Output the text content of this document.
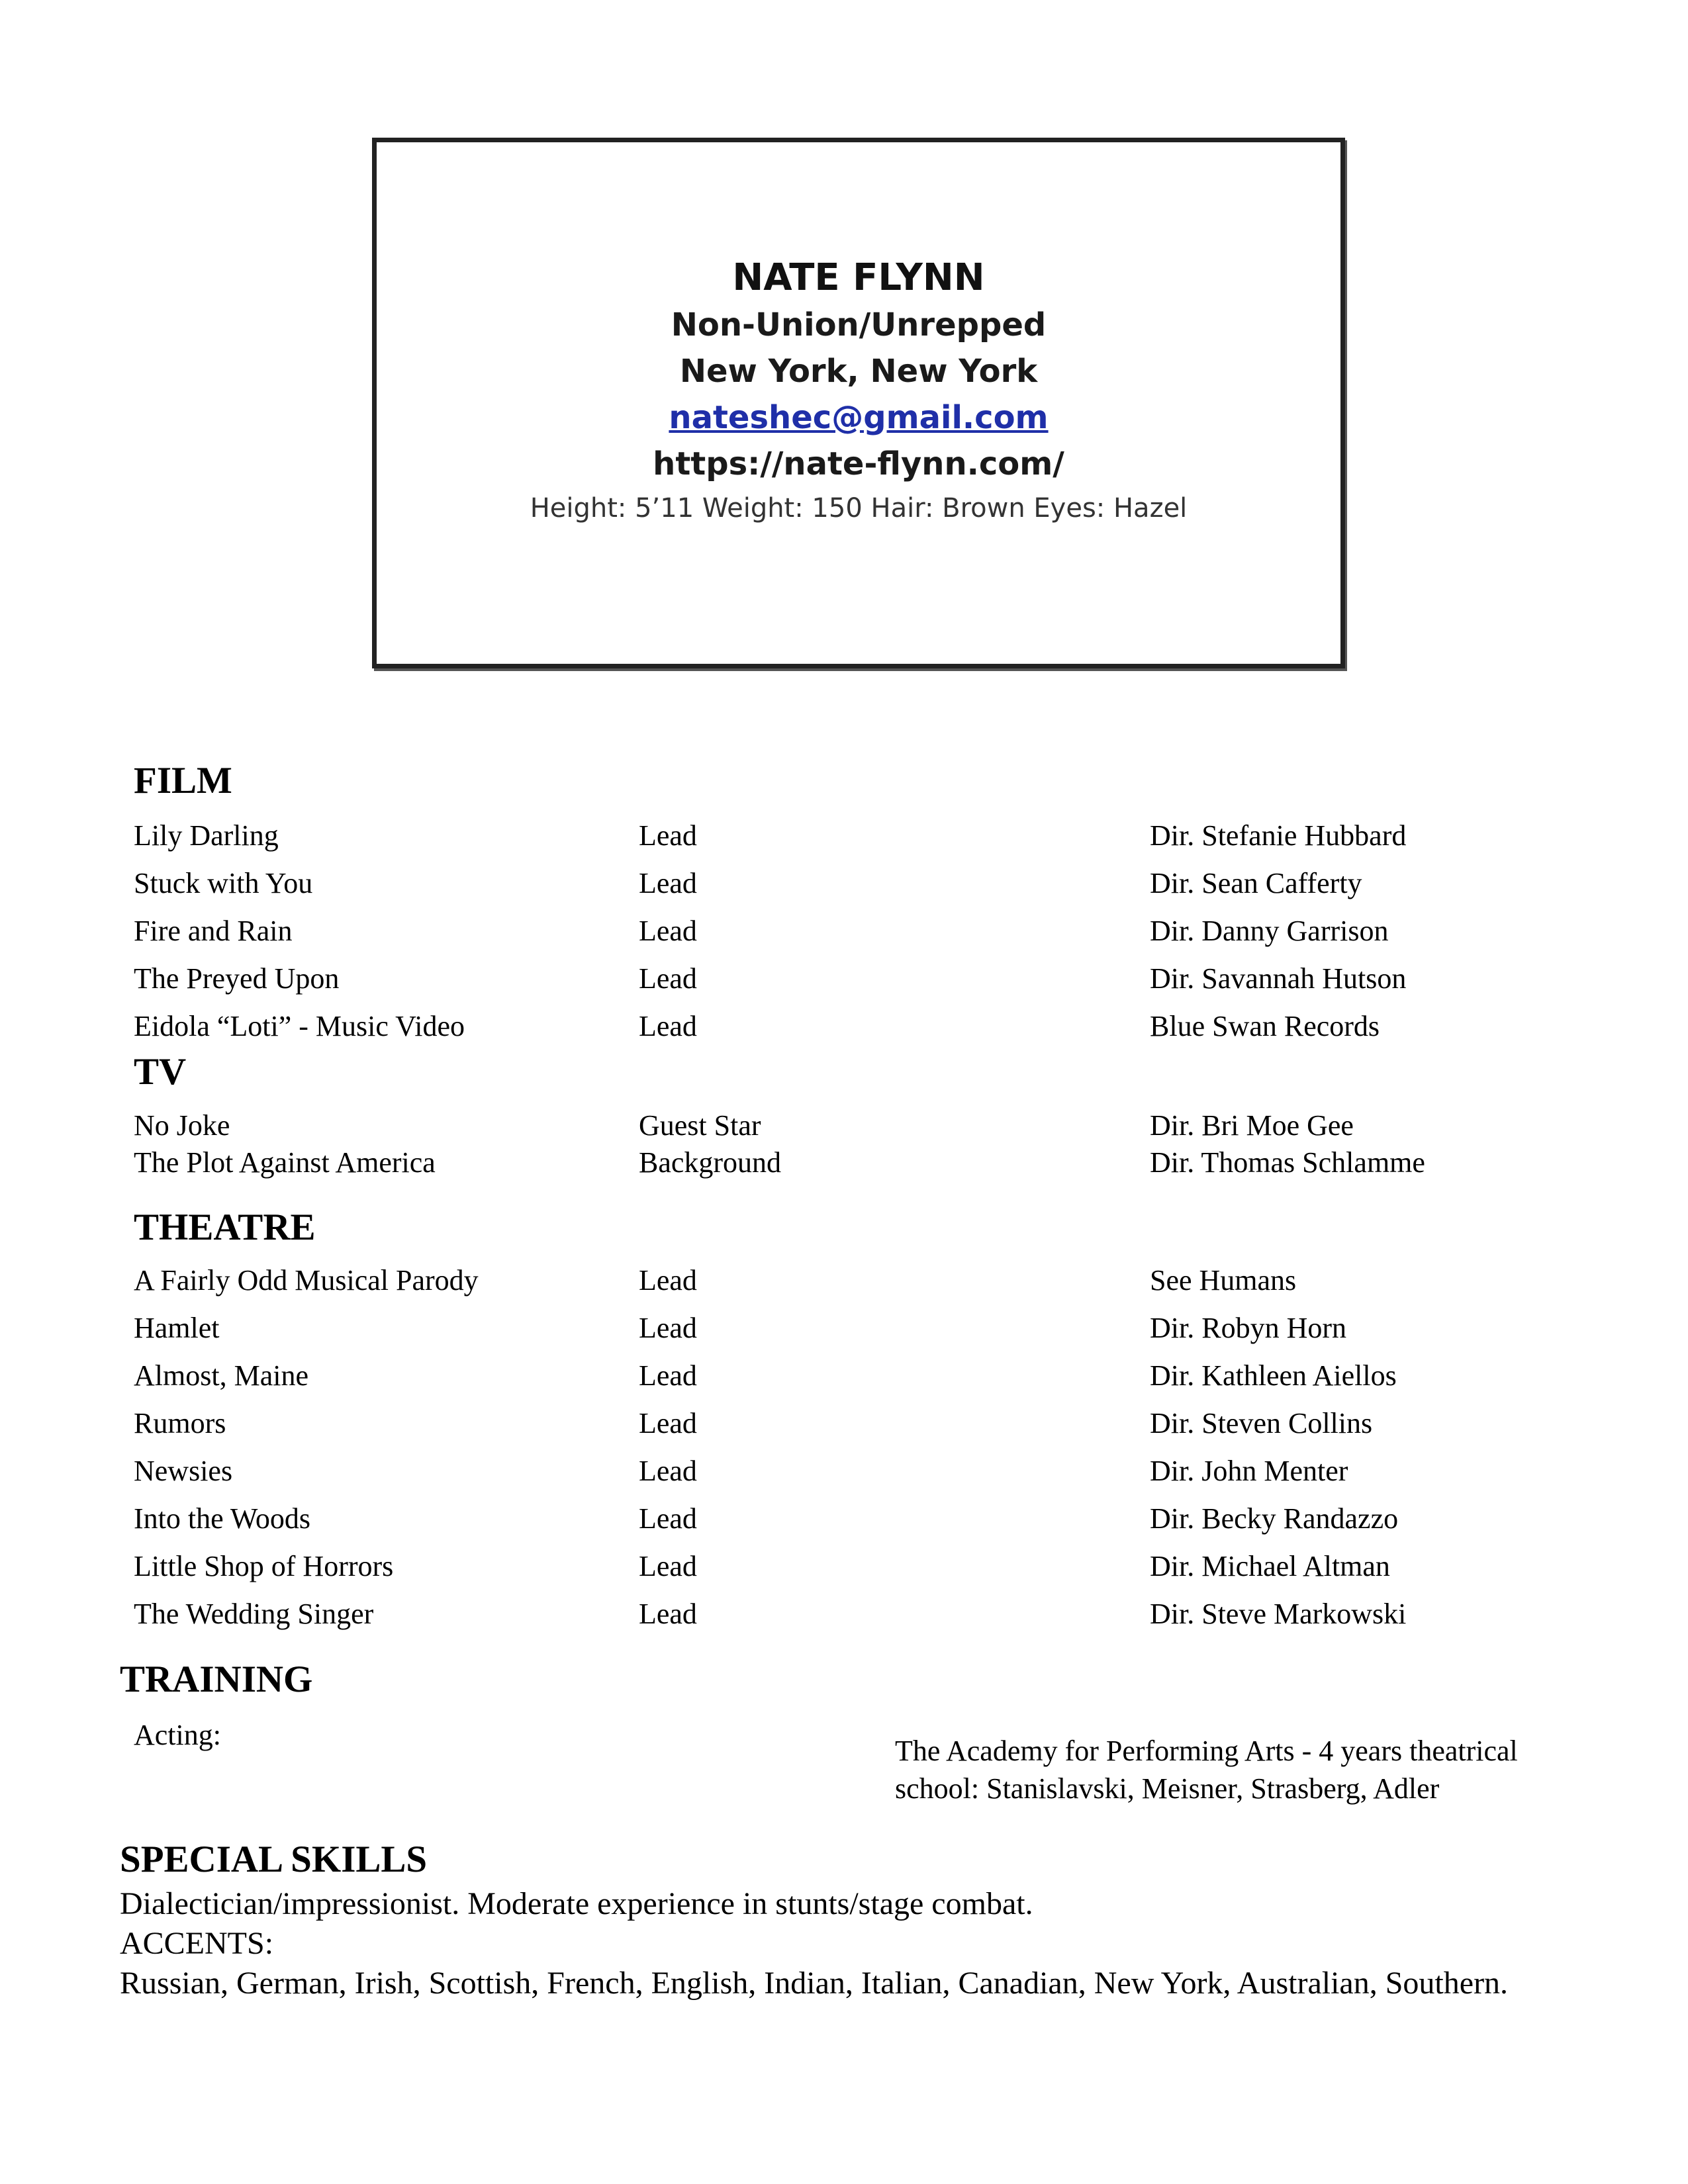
NATE FLYNN
Non-Union/Unrepped
New York, New York
nateshec@gmail.com
https://nate-flynn.com/
Height: 5’11 Weight: 150 Hair: Brown Eyes: Hazel
FILM
Lily Darling	Lead	Dir. Stefanie Hubbard
Stuck with You	Lead	Dir. Sean Cafferty
Fire and Rain	Lead	Dir. Danny Garrison
The Preyed Upon	Lead	Dir. Savannah Hutson
Eidola “Loti” - Music Video	Lead	Blue Swan Records
TV
No Joke	Guest Star	Dir. Bri Moe Gee
The Plot Against America	Background	Dir. Thomas Schlamme
THEATRE
A Fairly Odd Musical Parody	Lead	See Humans
Hamlet	Lead	Dir. Robyn Horn
Almost, Maine	Lead	Dir. Kathleen Aiellos
Rumors	Lead	Dir. Steven Collins
Newsies	Lead	Dir. John Menter
Into the Woods	Lead	Dir. Becky Randazzo
Little Shop of Horrors	Lead	Dir. Michael Altman
The Wedding Singer	Lead	Dir. Steve Markowski
TRAINING
Acting:	The Academy for Performing Arts - 4 years theatrical
school: Stanislavski, Meisner, Strasberg, Adler
SPECIAL SKILLS
Dialectician/impressionist. Moderate experience in stunts/stage combat.
ACCENTS:
Russian, German, Irish, Scottish, French, English, Indian, Italian, Canadian, New York, Australian, Southern.
